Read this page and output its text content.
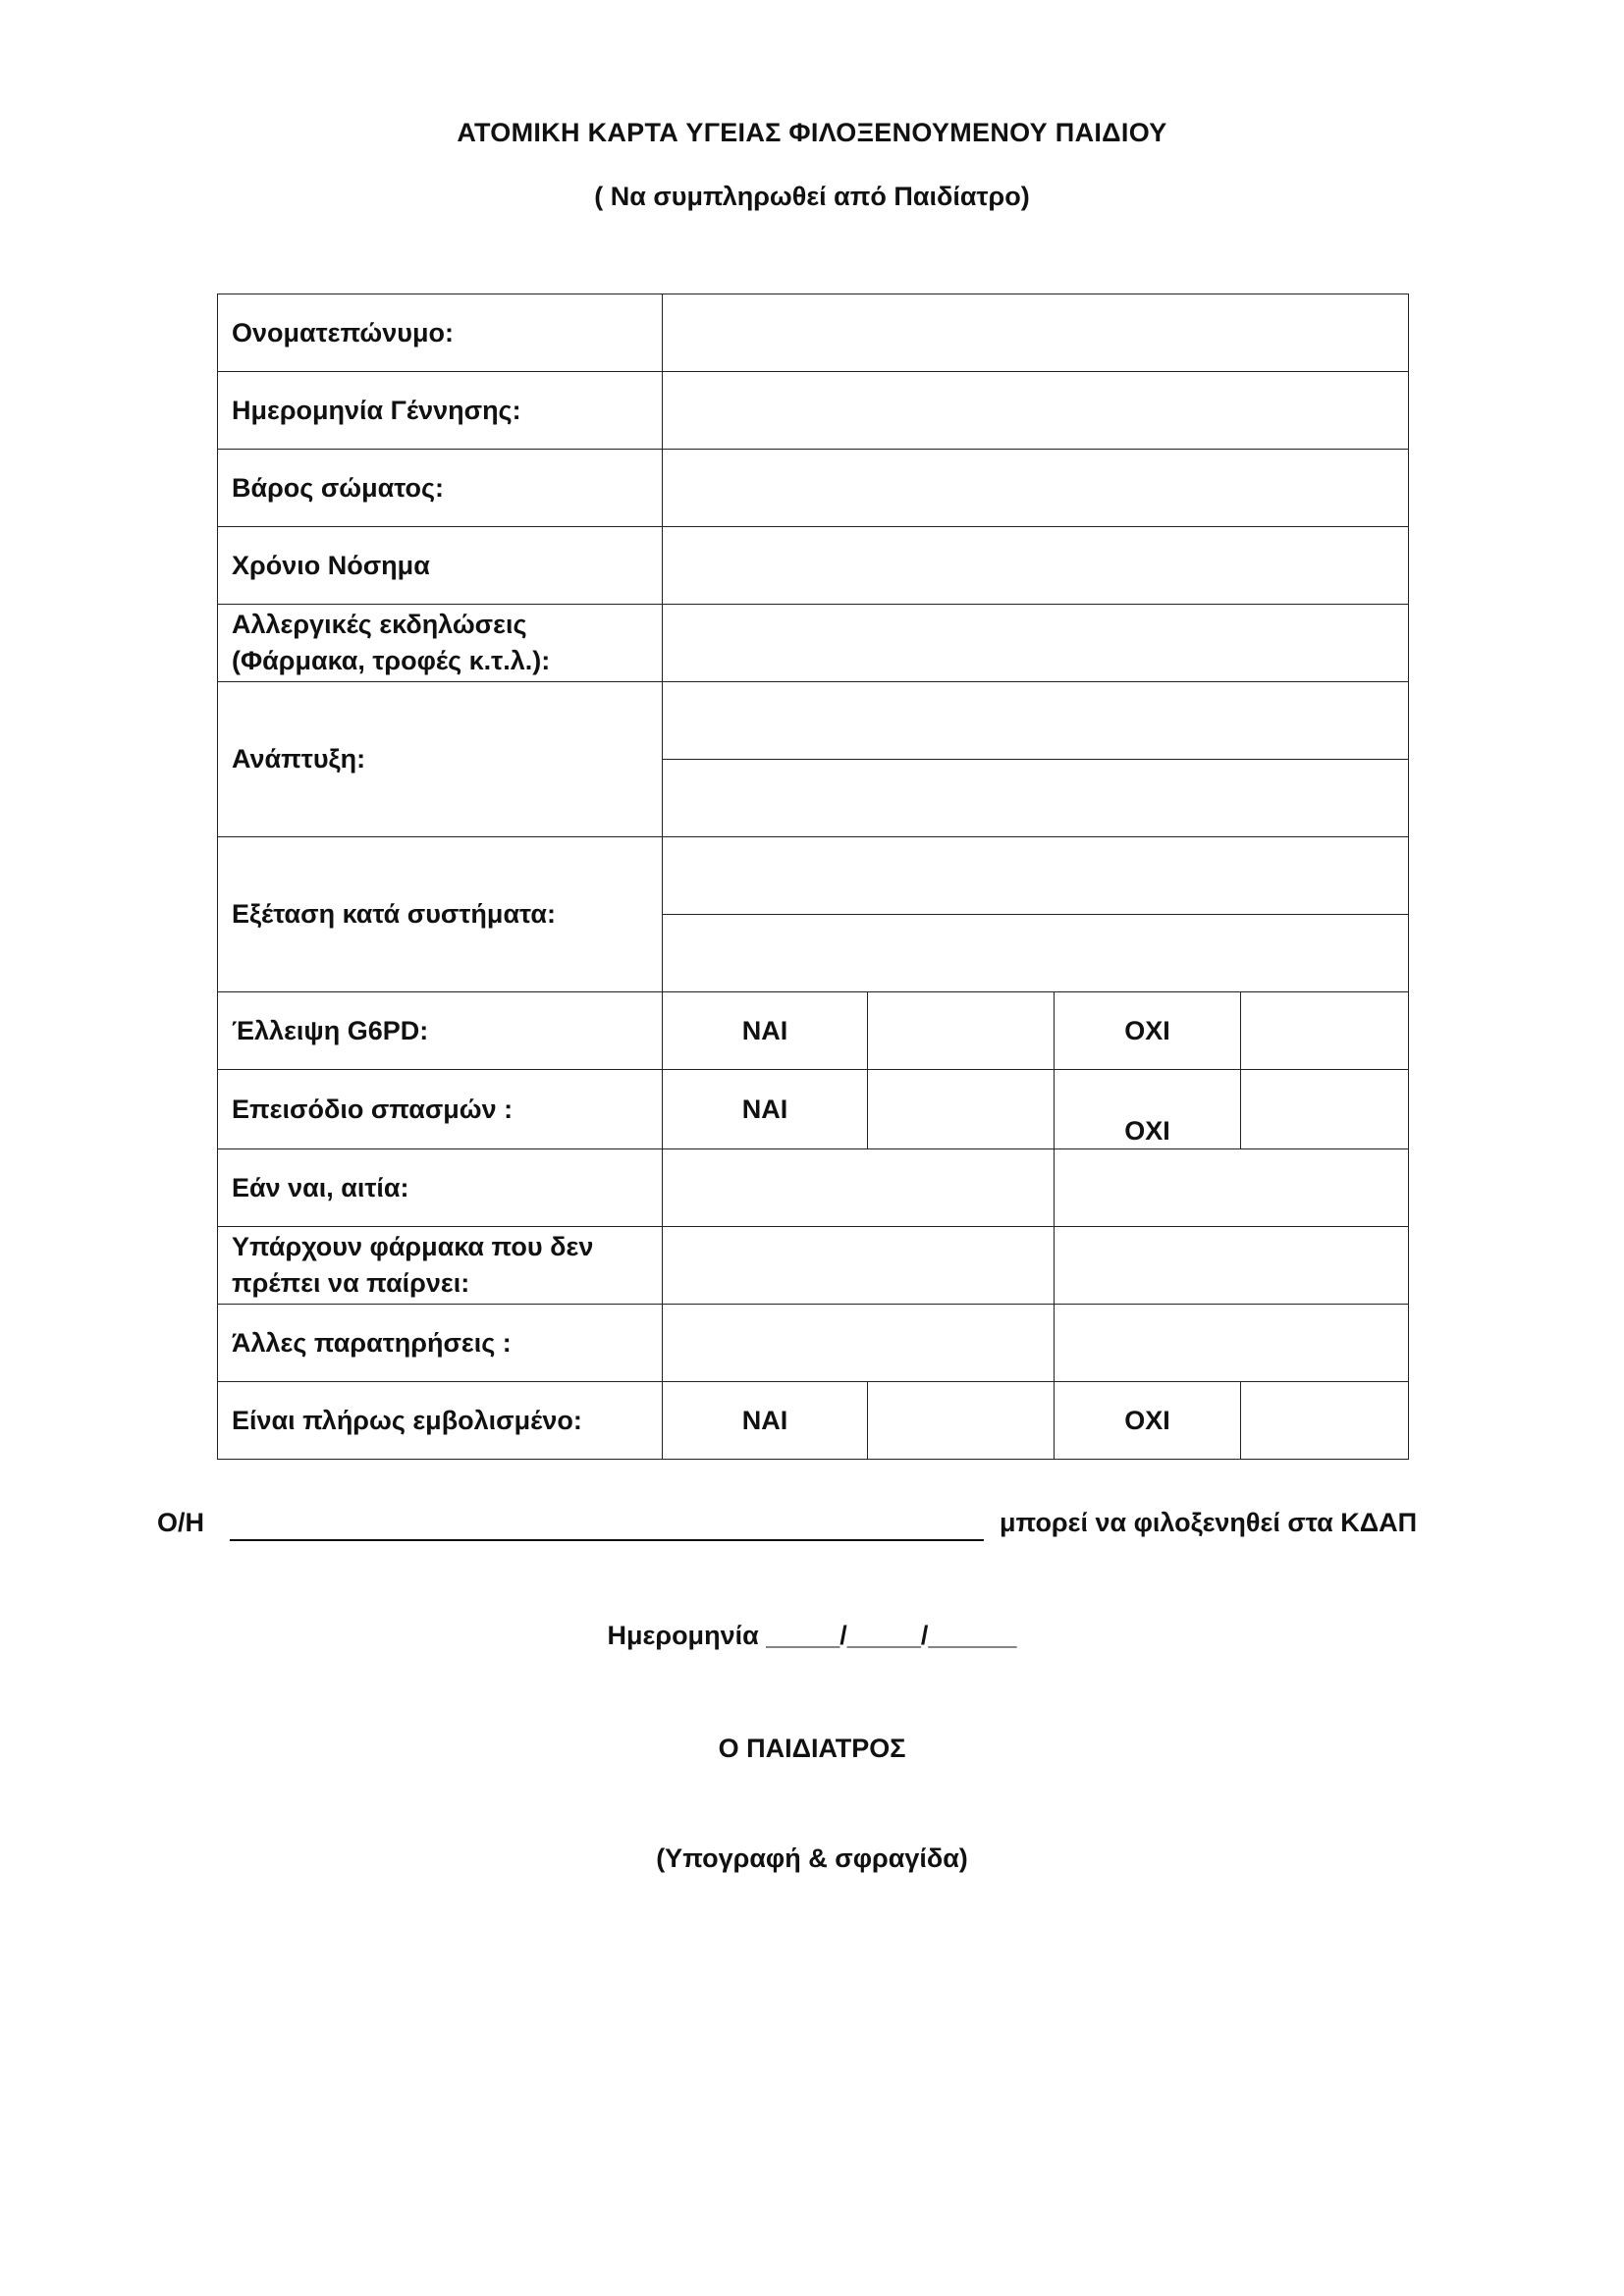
ΑΤΟΜΙΚΗ ΚΑΡΤΑ ΥΓΕΙΑΣ ΦΙΛΟΞΕΝΟΥΜΕΝΟΥ ΠΑΙΔΙΟΥ
( Να συμπληρωθεί από Παιδίατρο)
Ονοματεπώνυμο:				
Ημερομηνία Γέννησης:				
Βάρος σώματος:				
Χρόνιο Νόσημα				

Αλλεργικές εκδηλώσεις
(Φάρμακα, τροφές κ.τ.λ.):				

Ανάπτυξη:				

Εξέταση κατά συστήματα:				

Έλλειψη G6PD:	ΝΑΙ		ΟΧΙ	
Επεισόδιο σπασμών :	ΝΑΙ		ΟΧΙ	
Εάν ναι, αιτία:				

Υπάρχουν φάρμακα που δεν
πρέπει να παίρνει:				

Άλλες παρατηρήσεις :				
Είναι πλήρως εμβολισμένο:	ΝΑΙ		ΟΧΙ	
Ο/Η	μπορεί να φιλοξενηθεί στα ΚΔΑΠ
Ημερομηνία _____/_____/______
Ο ΠΑΙΔΙΑΤΡΟΣ
(Υπογραφή & σφραγίδα)
